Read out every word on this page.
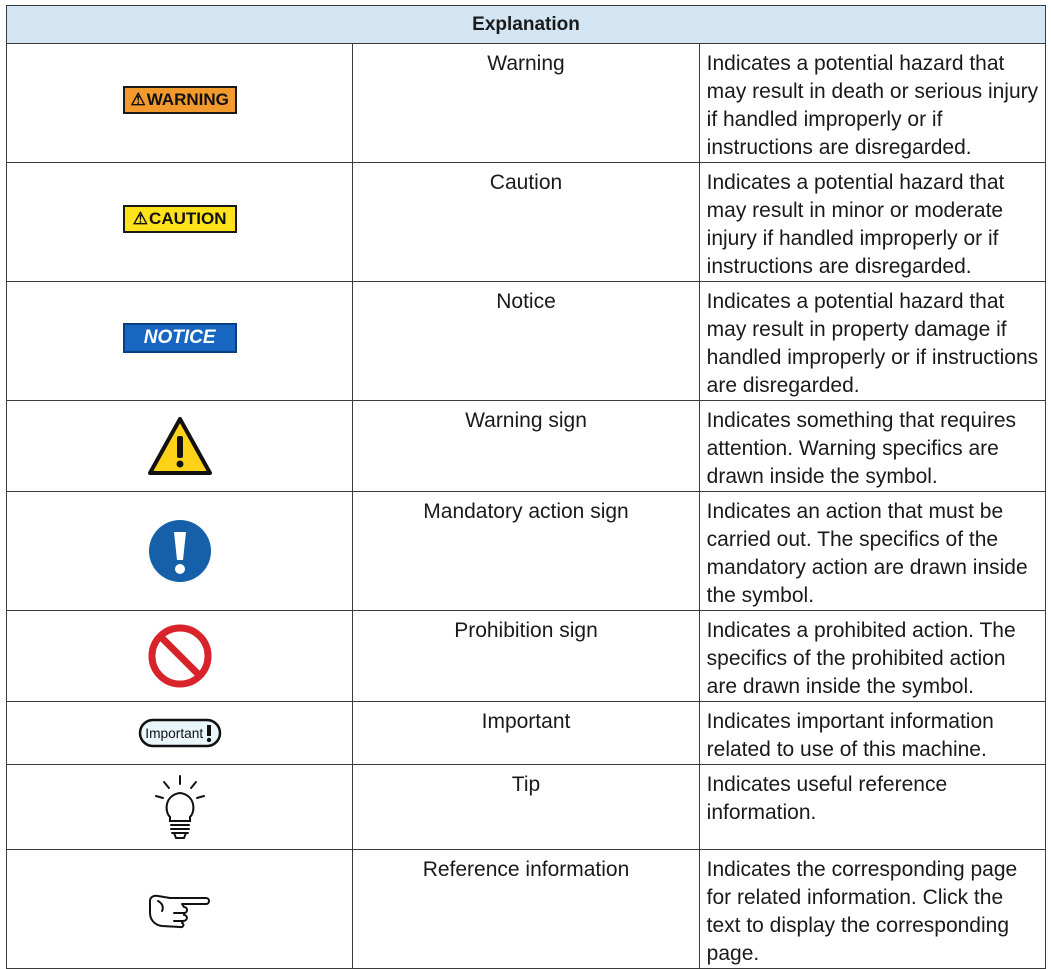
Explanation		
⚠WARNING	Warning	Indicates a potential hazard that may result in death or serious injury if handled improperly or if instructions are disregarded.
⚠CAUTION	Caution	Indicates a potential hazard that may result in minor or moderate injury if handled improperly or if instructions are disregarded.
NOTICE	Notice	Indicates a potential hazard that may result in property damage if handled improperly or if instructions are disregarded.
	Warning sign	Indicates something that requires attention. Warning specifics are drawn inside the symbol.
	Mandatory action sign	Indicates an action that must be carried out. The specifics of the mandatory action are drawn inside the symbol.
	Prohibition sign	Indicates a prohibited action. The specifics of the prohibited action are drawn inside the symbol.

Important	Important	Indicates important information related to use of this machine.
	Tip	Indicates useful reference information.
	Reference information	Indicates the corresponding page for related information. Click the text to display the corresponding page.
